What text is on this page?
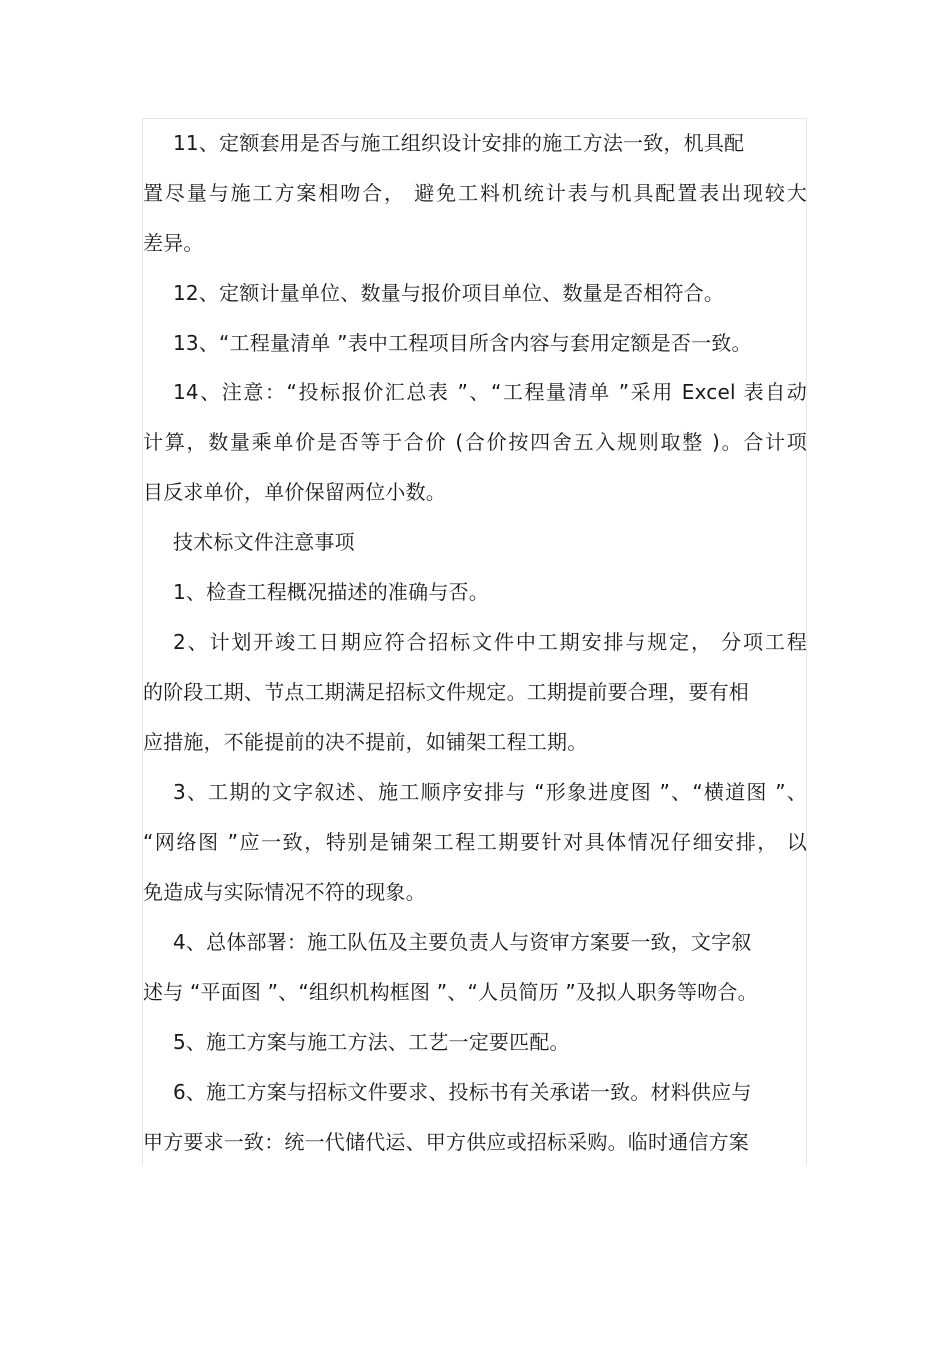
11、定额套用是否与施工组织设计安排的施工方法一致，机具配
置尽量与施工方案相吻合， 避免工料机统计表与机具配置表出现较大
差异。
12、定额计量单位、数量与报价项目单位、数量是否相符合。
13、“工程量清单 ”表中工程项目所含内容与套用定额是否一致。
14、注意：“投标报价汇总表 ”、“工程量清单 ”采用 Excel 表自动
计算，数量乘单价是否等于合价 (合价按四舍五入规则取整 )。合计项
目反求单价，单价保留两位小数。
技术标文件注意事项
1、检查工程概况描述的准确与否。
2、计划开竣工日期应符合招标文件中工期安排与规定， 分项工程
的阶段工期、节点工期满足招标文件规定。工期提前要合理，要有相
应措施，不能提前的决不提前，如铺架工程工期。
3、工期的文字叙述、施工顺序安排与 “形象进度图 ”、“横道图 ”、
“网络图 ”应一致，特别是铺架工程工期要针对具体情况仔细安排， 以
免造成与实际情况不符的现象。
4、总体部署：施工队伍及主要负责人与资审方案要一致，文字叙
述与 “平面图 ”、“组织机构框图 ”、“人员简历 ”及拟人职务等吻合。
5、施工方案与施工方法、工艺一定要匹配。
6、施工方案与招标文件要求、投标书有关承诺一致。材料供应与
甲方要求一致：统一代储代运、甲方供应或招标采购。临时通信方案
